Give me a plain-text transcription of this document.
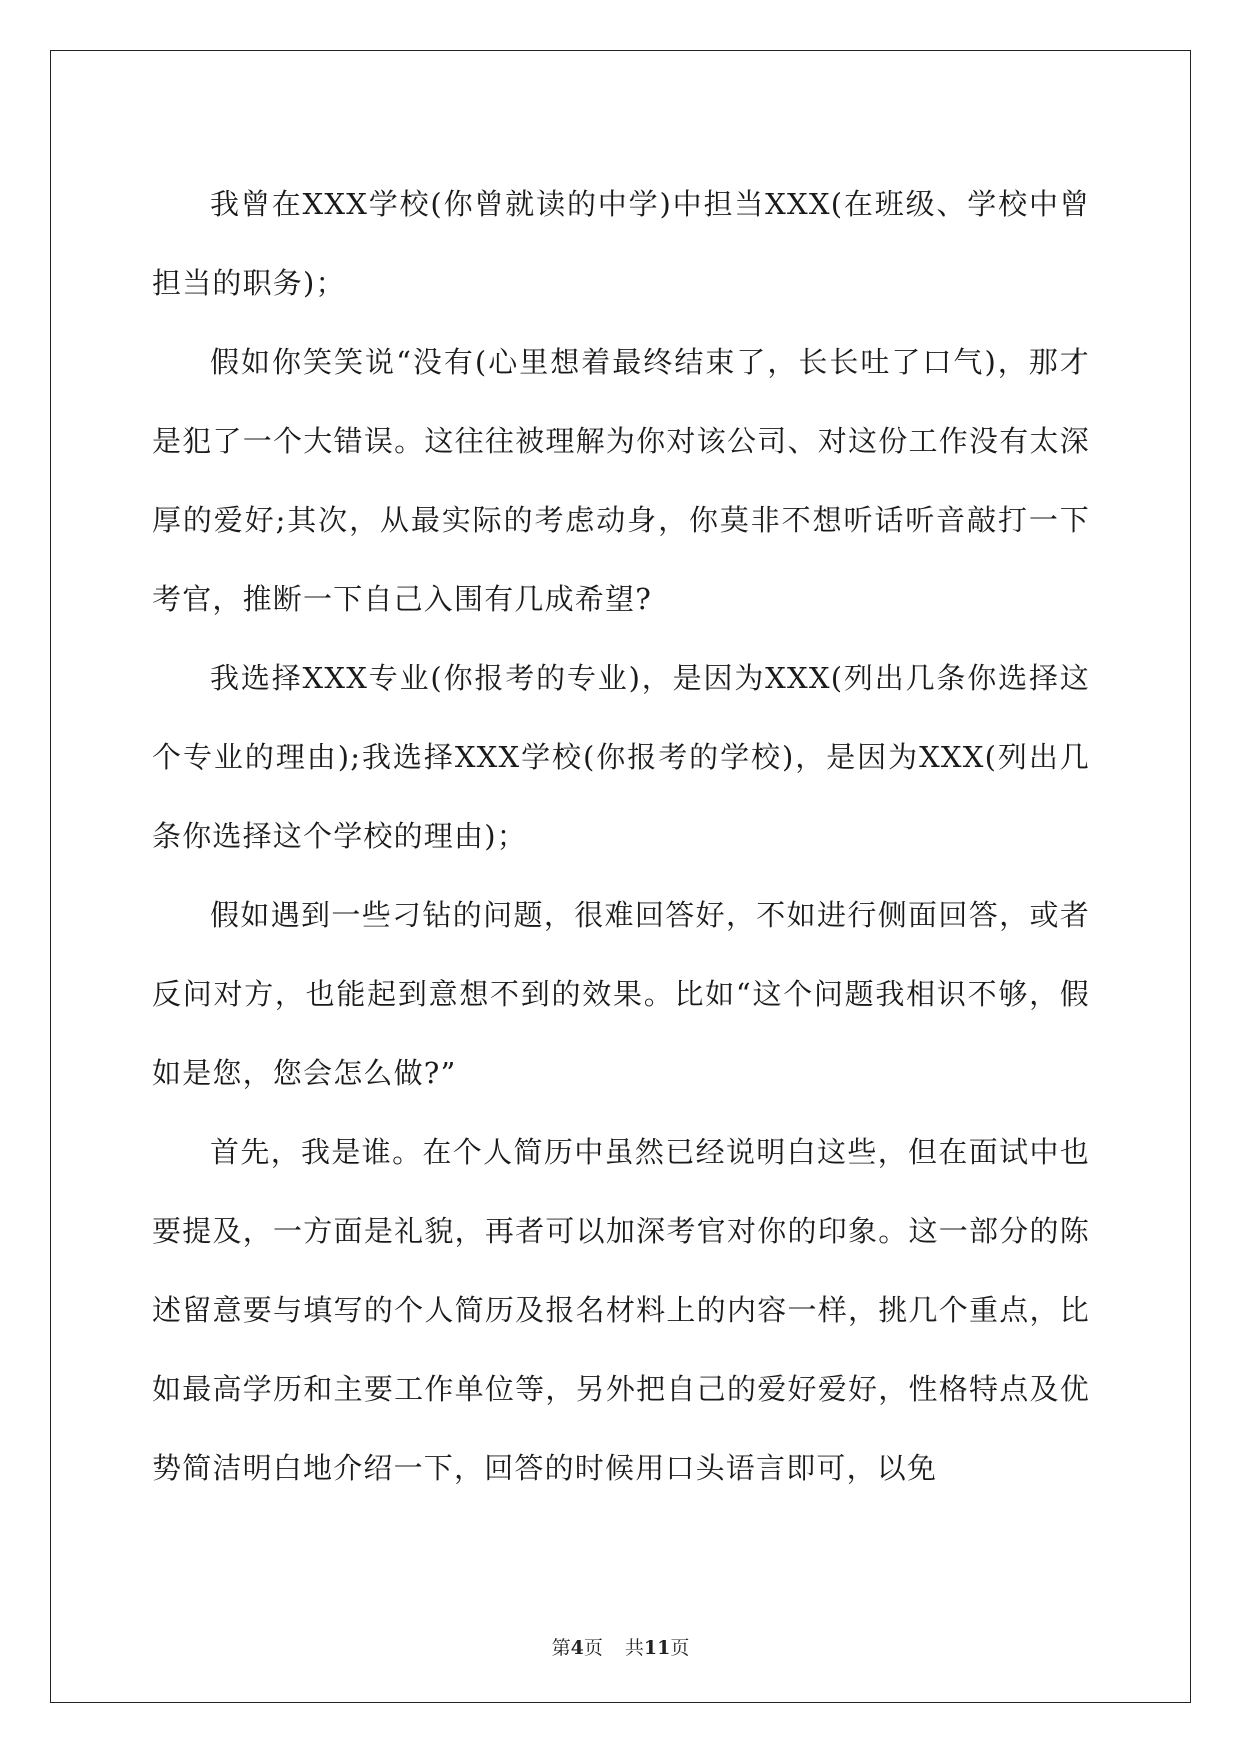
我曾在XXX学校(你曾就读的中学)中担当XXX(在班级、学校中曾担当的职务)；

假如你笑笑说“没有(心里想着最终结束了，长长吐了口气)，那才是犯了一个大错误。这往往被理解为你对该公司、对这份工作没有太深厚的爱好;其次，从最实际的考虑动身，你莫非不想听话听音敲打一下考官，推断一下自己入围有几成希望?

我选择XXX专业(你报考的专业)，是因为XXX(列出几条你选择这个专业的理由);我选择XXX学校(你报考的学校)，是因为XXX(列出几条你选择这个学校的理由)；

假如遇到一些刁钻的问题，很难回答好，不如进行侧面回答，或者反问对方，也能起到意想不到的效果。比如“这个问题我相识不够，假如是您，您会怎么做?”

首先，我是谁。在个人简历中虽然已经说明白这些，但在面试中也要提及，一方面是礼貌，再者可以加深考官对你的印象。这一部分的陈述留意要与填写的个人简历及报名材料上的内容一样，挑几个重点，比如最高学历和主要工作单位等，另外把自己的爱好爱好，性格特点及优势简洁明白地介绍一下，回答的时候用口头语言即可，以免

第4页 共11页
